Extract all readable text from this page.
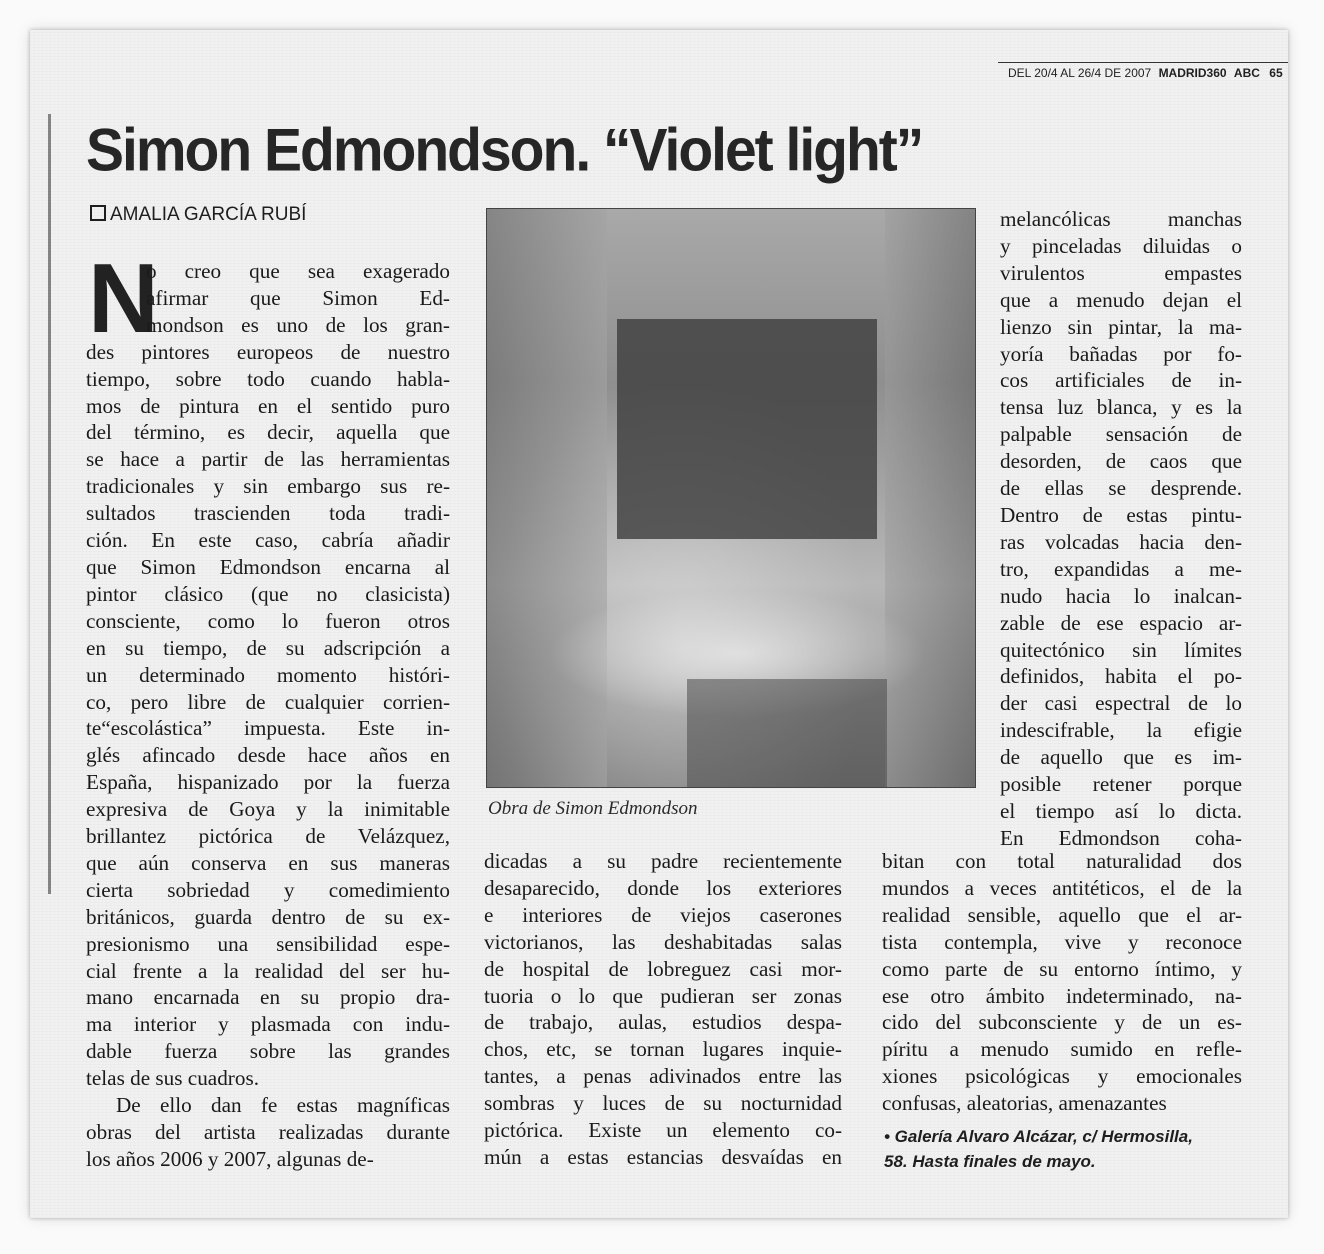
DEL 20/4 AL 26/4 DE 2007 MADRID360 ABC 65
Simon Edmondson. “Violet light”
AMALIA GARCÍA RUBÍ
N
o creo que sea exagerado
afirmar que Simon Ed-
mondson es uno de los gran-
des pintores europeos de nuestro
tiempo, sobre todo cuando habla-
mos de pintura en el sentido puro
del término, es decir, aquella que
se hace a partir de las herramientas
tradicionales y sin embargo sus re-
sultados trascienden toda tradi-
ción. En este caso, cabría añadir
que Simon Edmondson encarna al
pintor clásico (que no clasicista)
consciente, como lo fueron otros
en su tiempo, de su adscripción a
un determinado momento históri-
co, pero libre de cualquier corrien-
te“escolástica” impuesta. Este in-
glés afincado desde hace años en
España, hispanizado por la fuerza
expresiva de Goya y la inimitable
brillantez pictórica de Velázquez,
que aún conserva en sus maneras
cierta sobriedad y comedimiento
británicos, guarda dentro de su ex-
presionismo una sensibilidad espe-
cial frente a la realidad del ser hu-
mano encarnada en su propio dra-
ma interior y plasmada con indu-
dable fuerza sobre las grandes
telas de sus cuadros.
De ello dan fe estas magníficas
obras del artista realizadas durante
los años 2006 y 2007, algunas de-
Obra de Simon Edmondson
dicadas a su padre recientemente
desaparecido, donde los exteriores
e interiores de viejos caserones
victorianos, las deshabitadas salas
de hospital de lobreguez casi mor-
tuoria o lo que pudieran ser zonas
de trabajo, aulas, estudios despa-
chos, etc, se tornan lugares inquie-
tantes, a penas adivinados entre las
sombras y luces de su nocturnidad
pictórica. Existe un elemento co-
mún a estas estancias desvaídas en
melancólicas manchas
y pinceladas diluidas o
virulentos empastes
que a menudo dejan el
lienzo sin pintar, la ma-
yoría bañadas por fo-
cos artificiales de in-
tensa luz blanca, y es la
palpable sensación de
desorden, de caos que
de ellas se desprende.
Dentro de estas pintu-
ras volcadas hacia den-
tro, expandidas a me-
nudo hacia lo inalcan-
zable de ese espacio ar-
quitectónico sin límites
definidos, habita el po-
der casi espectral de lo
indescifrable, la efigie
de aquello que es im-
posible retener porque
el tiempo así lo dicta.
En Edmondson coha-
bitan con total naturalidad dos
mundos a veces antitéticos, el de la
realidad sensible, aquello que el ar-
tista contempla, vive y reconoce
como parte de su entorno íntimo, y
ese otro ámbito indeterminado, na-
cido del subconsciente y de un es-
píritu a menudo sumido en refle-
xiones psicológicas y emocionales
confusas, aleatorias, amenazantes
• Galería Alvaro Alcázar, c/ Hermosilla,
58. Hasta finales de mayo.
